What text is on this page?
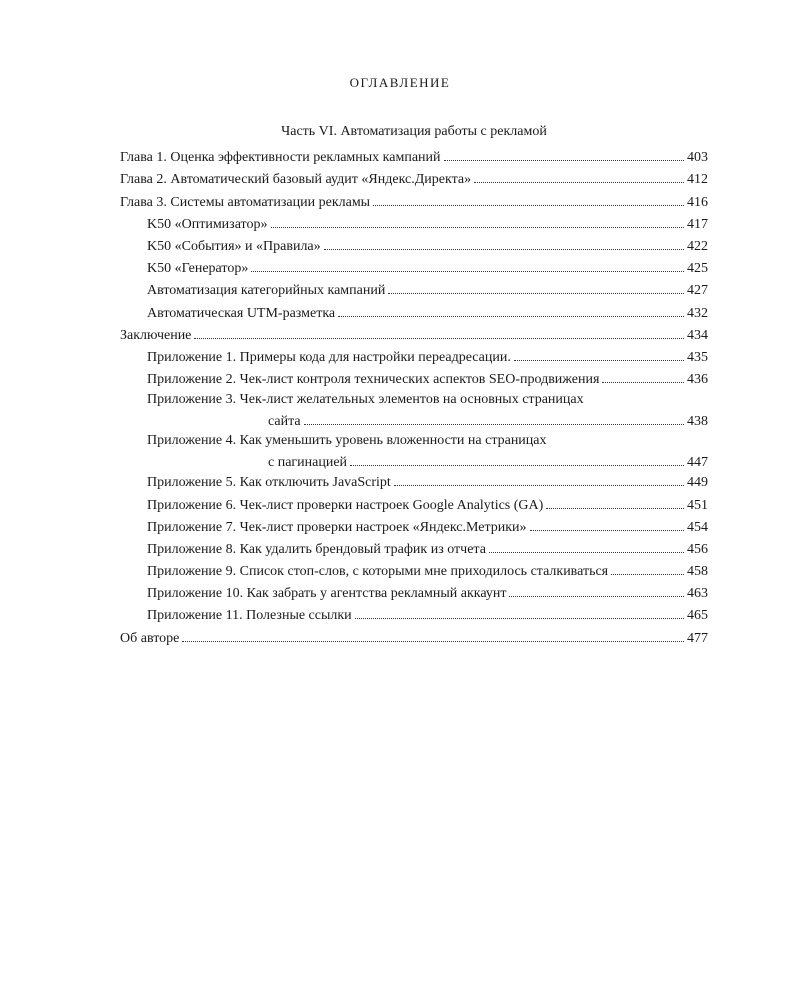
ОГЛАВЛЕНИЕ
Часть VI. Автоматизация работы с рекламой
Глава 1. Оценка эффективности рекламных кампаний	403
Глава 2. Автоматический базовый аудит «Яндекс.Директа»	412
Глава 3. Системы автоматизации рекламы	416
K50 «Оптимизатор»	417
K50 «События» и «Правила»	422
K50 «Генератор»	425
Автоматизация категорийных кампаний	427
Автоматическая UTM-разметка	432
Заключение	434
Приложение 1. Примеры кода для настройки переадресации.	435
Приложение 2. Чек-лист контроля технических аспектов SEO-продвижения	436
Приложение 3. Чек-лист желательных элементов на основных страницах
сайта	438
Приложение 4. Как уменьшить уровень вложенности на страницах
с пагинацией	447
Приложение 5. Как отключить JavaScript	449
Приложение 6. Чек-лист проверки настроек Google Analytics (GA)	451
Приложение 7. Чек-лист проверки настроек «Яндекс.Метрики»	454
Приложение 8. Как удалить брендовый трафик из отчета	456
Приложение 9. Список стоп-слов, с которыми мне приходилось сталкиваться	458
Приложение 10. Как забрать у агентства рекламный аккаунт	463
Приложение 11. Полезные ссылки	465
Об авторе	477
